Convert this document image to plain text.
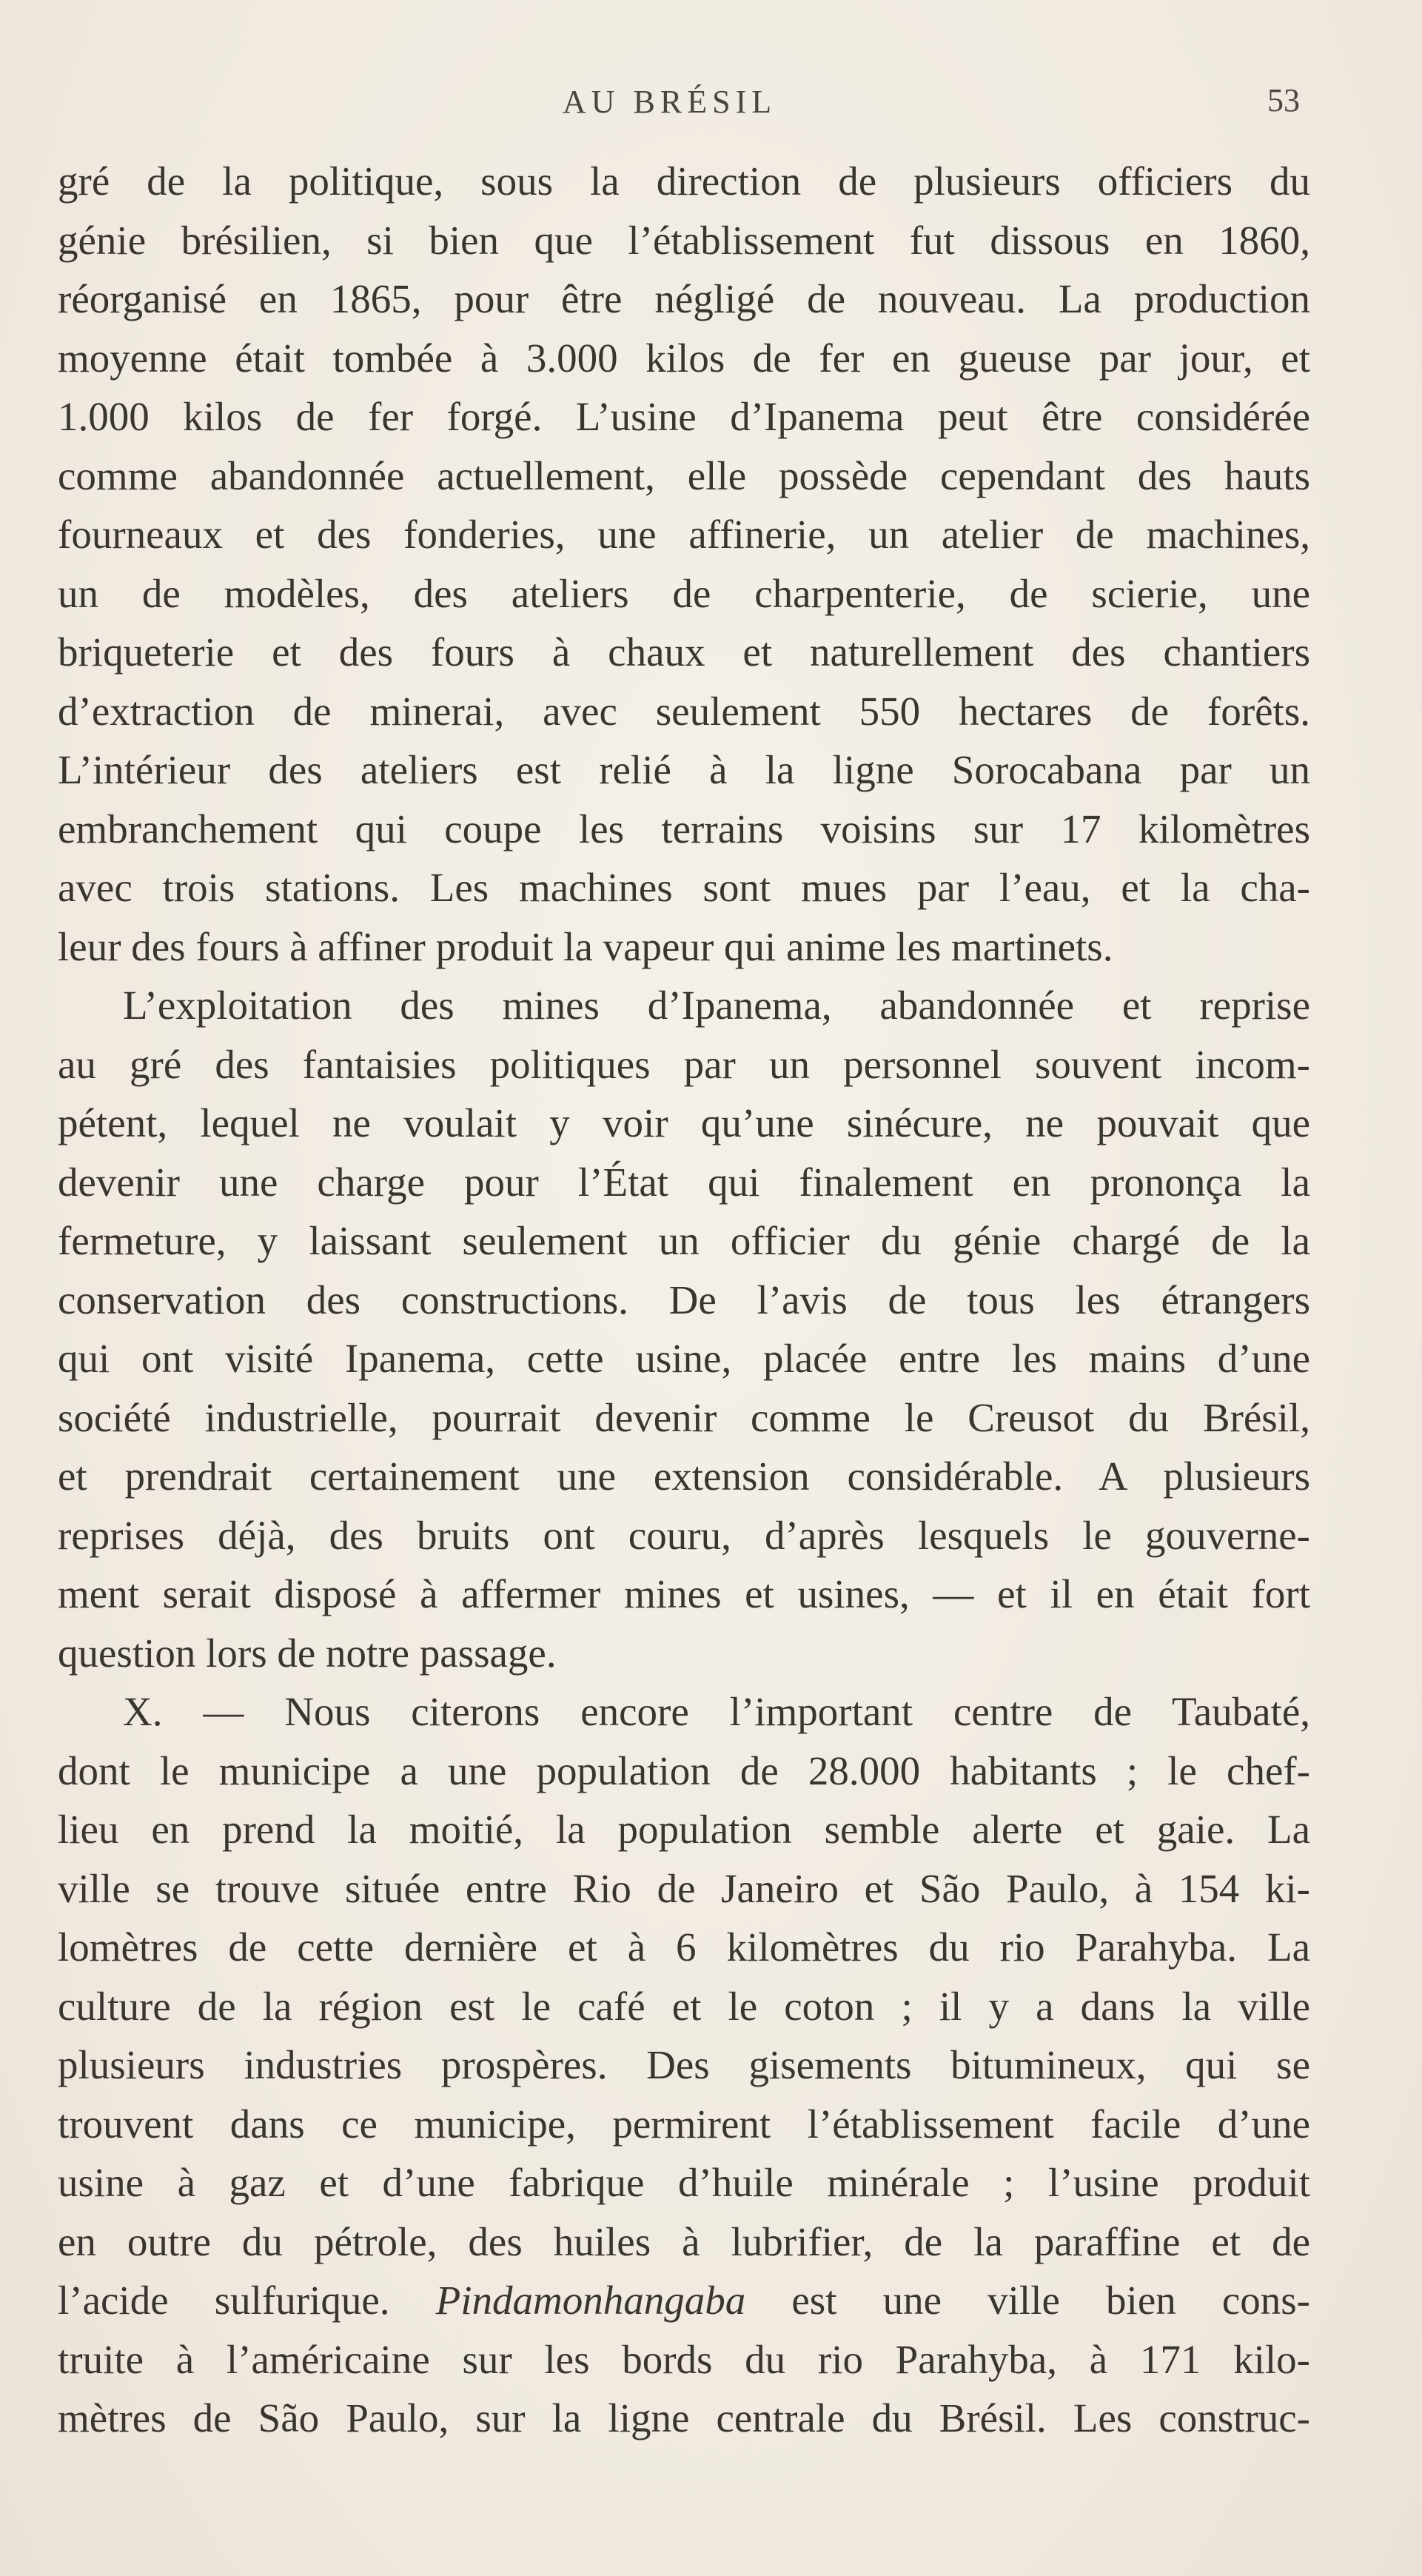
AU BRÉSIL	53
gré de la politique, sous la direction de plusieurs officiers du
génie brésilien, si bien que l’établissement fut dissous en 1860,
réorganisé en 1865, pour être négligé de nouveau. La production
moyenne était tombée à 3.000 kilos de fer en gueuse par jour, et
1.000 kilos de fer forgé. L’usine d’Ipanema peut être considérée
comme abandonnée actuellement, elle possède cependant des hauts
fourneaux et des fonderies, une affinerie, un atelier de machines,
un de modèles, des ateliers de charpenterie, de scierie, une
briqueterie et des fours à chaux et naturellement des chantiers
d’extraction de minerai, avec seulement 550 hectares de forêts.
L’intérieur des ateliers est relié à la ligne Sorocabana par un
embranchement qui coupe les terrains voisins sur 17 kilomètres
avec trois stations. Les machines sont mues par l’eau, et la cha-
leur des fours à affiner produit la vapeur qui anime les martinets.
L’exploitation des mines d’Ipanema, abandonnée et reprise
au gré des fantaisies politiques par un personnel souvent incom-
pétent, lequel ne voulait y voir qu’une sinécure, ne pouvait que
devenir une charge pour l’État qui finalement en prononça la
fermeture, y laissant seulement un officier du génie chargé de la
conservation des constructions. De l’avis de tous les étrangers
qui ont visité Ipanema, cette usine, placée entre les mains d’une
société industrielle, pourrait devenir comme le Creusot du Brésil,
et prendrait certainement une extension considérable. A plusieurs
reprises déjà, des bruits ont couru, d’après lesquels le gouverne-
ment serait disposé à affermer mines et usines, — et il en était fort
question lors de notre passage.
X. — Nous citerons encore l’important centre de Taubaté,
dont le municipe a une population de 28.000 habitants ; le chef-
lieu en prend la moitié, la population semble alerte et gaie. La
ville se trouve située entre Rio de Janeiro et São Paulo, à 154 ki-
lomètres de cette dernière et à 6 kilomètres du rio Parahyba. La
culture de la région est le café et le coton ; il y a dans la ville
plusieurs industries prospères. Des gisements bitumineux, qui se
trouvent dans ce municipe, permirent l’établissement facile d’une
usine à gaz et d’une fabrique d’huile minérale ; l’usine produit
en outre du pétrole, des huiles à lubrifier, de la paraffine et de
l’acide sulfurique. Pindamonhangaba est une ville bien cons-
truite à l’américaine sur les bords du rio Parahyba, à 171 kilo-
mètres de São Paulo, sur la ligne centrale du Brésil. Les construc-
